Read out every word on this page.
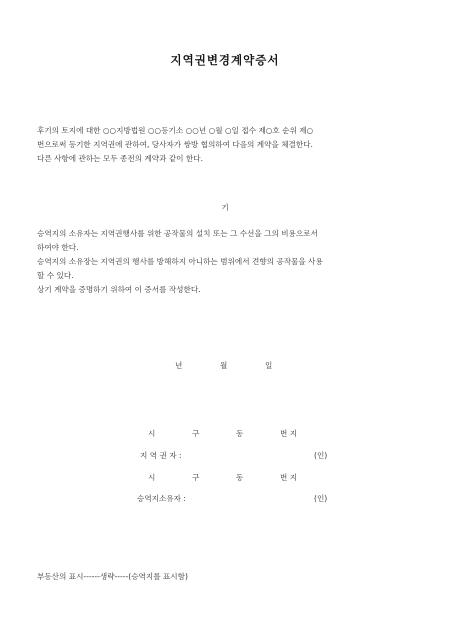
지역권변경계약증서
후기의 토지에 대한 ○○지방법원 ○○등기소 ○○년 ○월 ○일 접수 제○호 순위 제○
번으로써 등기한 지역권에 관하여, 당사자가 쌍방 협의하여 다음의 계약을 체결한다.
다른 사항에 관하는 모두 종전의 계약과 같이 한다.
기
승역지의 소유자는 지역권행사를 위한 공작물의 설치 또는 그 수선을 그의 비용으로서
하여야 한다.
승역지의 소유장는 지역권의 행사를 방해하지 아니하는 범위에서 견향의 공작물을 사용
할 수 있다.
상기 계약을 증명하기 위하여 이 증서를 작성한다.
년	월	일
시	구	동	번 지
지 역 권 자 :	(인)
시	구	동	번 지
승역지소유자 :	(인)
부동산의 표시------생략-----(승역지를 표시함)
